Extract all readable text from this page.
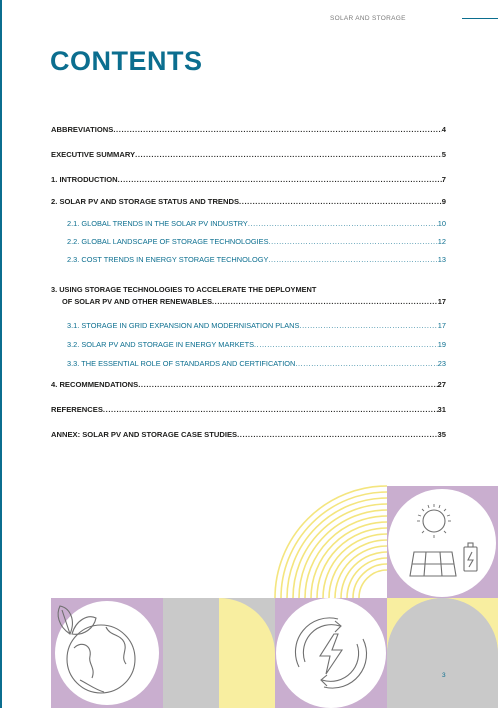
SOLAR AND STORAGE
CONTENTS
ABBREVIATIONS .....	4
EXECUTIVE SUMMARY .....	5
1. INTRODUCTION .....	7
2. SOLAR PV AND STORAGE STATUS AND TRENDS .....	9
2.1. GLOBAL TRENDS IN THE SOLAR PV INDUSTRY .....	10
2.2. GLOBAL LANDSCAPE OF STORAGE TECHNOLOGIES .....	12
2.3. COST TRENDS IN ENERGY STORAGE TECHNOLOGY .....	13
3. USING STORAGE TECHNOLOGIES TO ACCELERATE THE DEPLOYMENT
OF SOLAR PV AND OTHER RENEWABLES .....	17
3.1. STORAGE IN GRID EXPANSION AND MODERNISATION PLANS .....	17
3.2. SOLAR PV AND STORAGE IN ENERGY MARKETS .....	19
3.3. THE ESSENTIAL ROLE OF STANDARDS AND CERTIFICATION .....	23
4. RECOMMENDATIONS .....	27
REFERENCES .....	31
ANNEX: SOLAR PV AND STORAGE CASE STUDIES .....	35
3
